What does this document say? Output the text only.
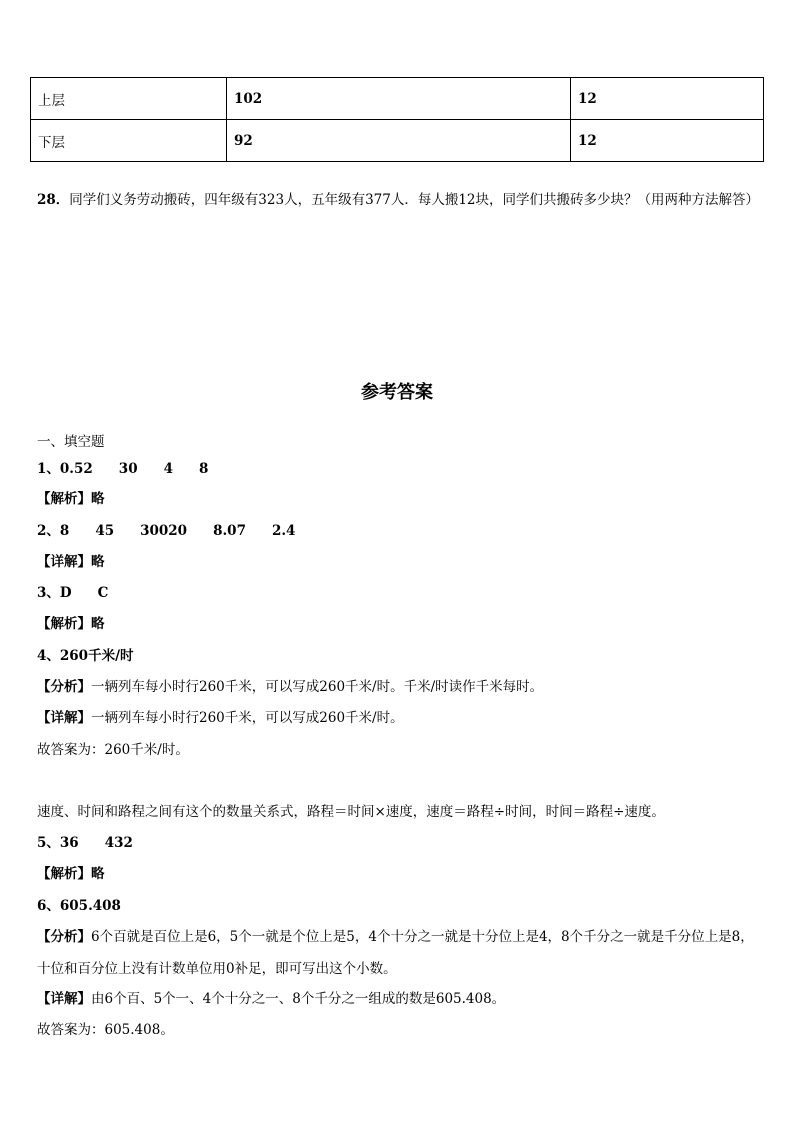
上层	102	12
下层	92	12

28．同学们义务劳动搬砖，四年级有323人，五年级有377人．每人搬12块，同学们共搬砖多少块？（用两种方法解答）

参考答案

一、填空题

1、0.52 30 4 8

【解析】略

2、8 45 30020 8.07 2.4

【详解】略

3、D C

【解析】略

4、260千米/时

【分析】一辆列车每小时行260千米，可以写成260千米/时。千米/时读作千米每时。

【详解】一辆列车每小时行260千米，可以写成260千米/时。

故答案为：260千米/时。

速度、时间和路程之间有这个的数量关系式，路程＝时间×速度，速度＝路程÷时间，时间＝路程÷速度。

5、36 432

【解析】略

6、605.408

【分析】6个百就是百位上是6，5个一就是个位上是5，4个十分之一就是十分位上是4，8个千分之一就是千分位上是8，十位和百分位上没有计数单位用0补足，即可写出这个小数。

【详解】由6个百、5个一、4个十分之一、8个千分之一组成的数是605.408。

故答案为：605.408。
